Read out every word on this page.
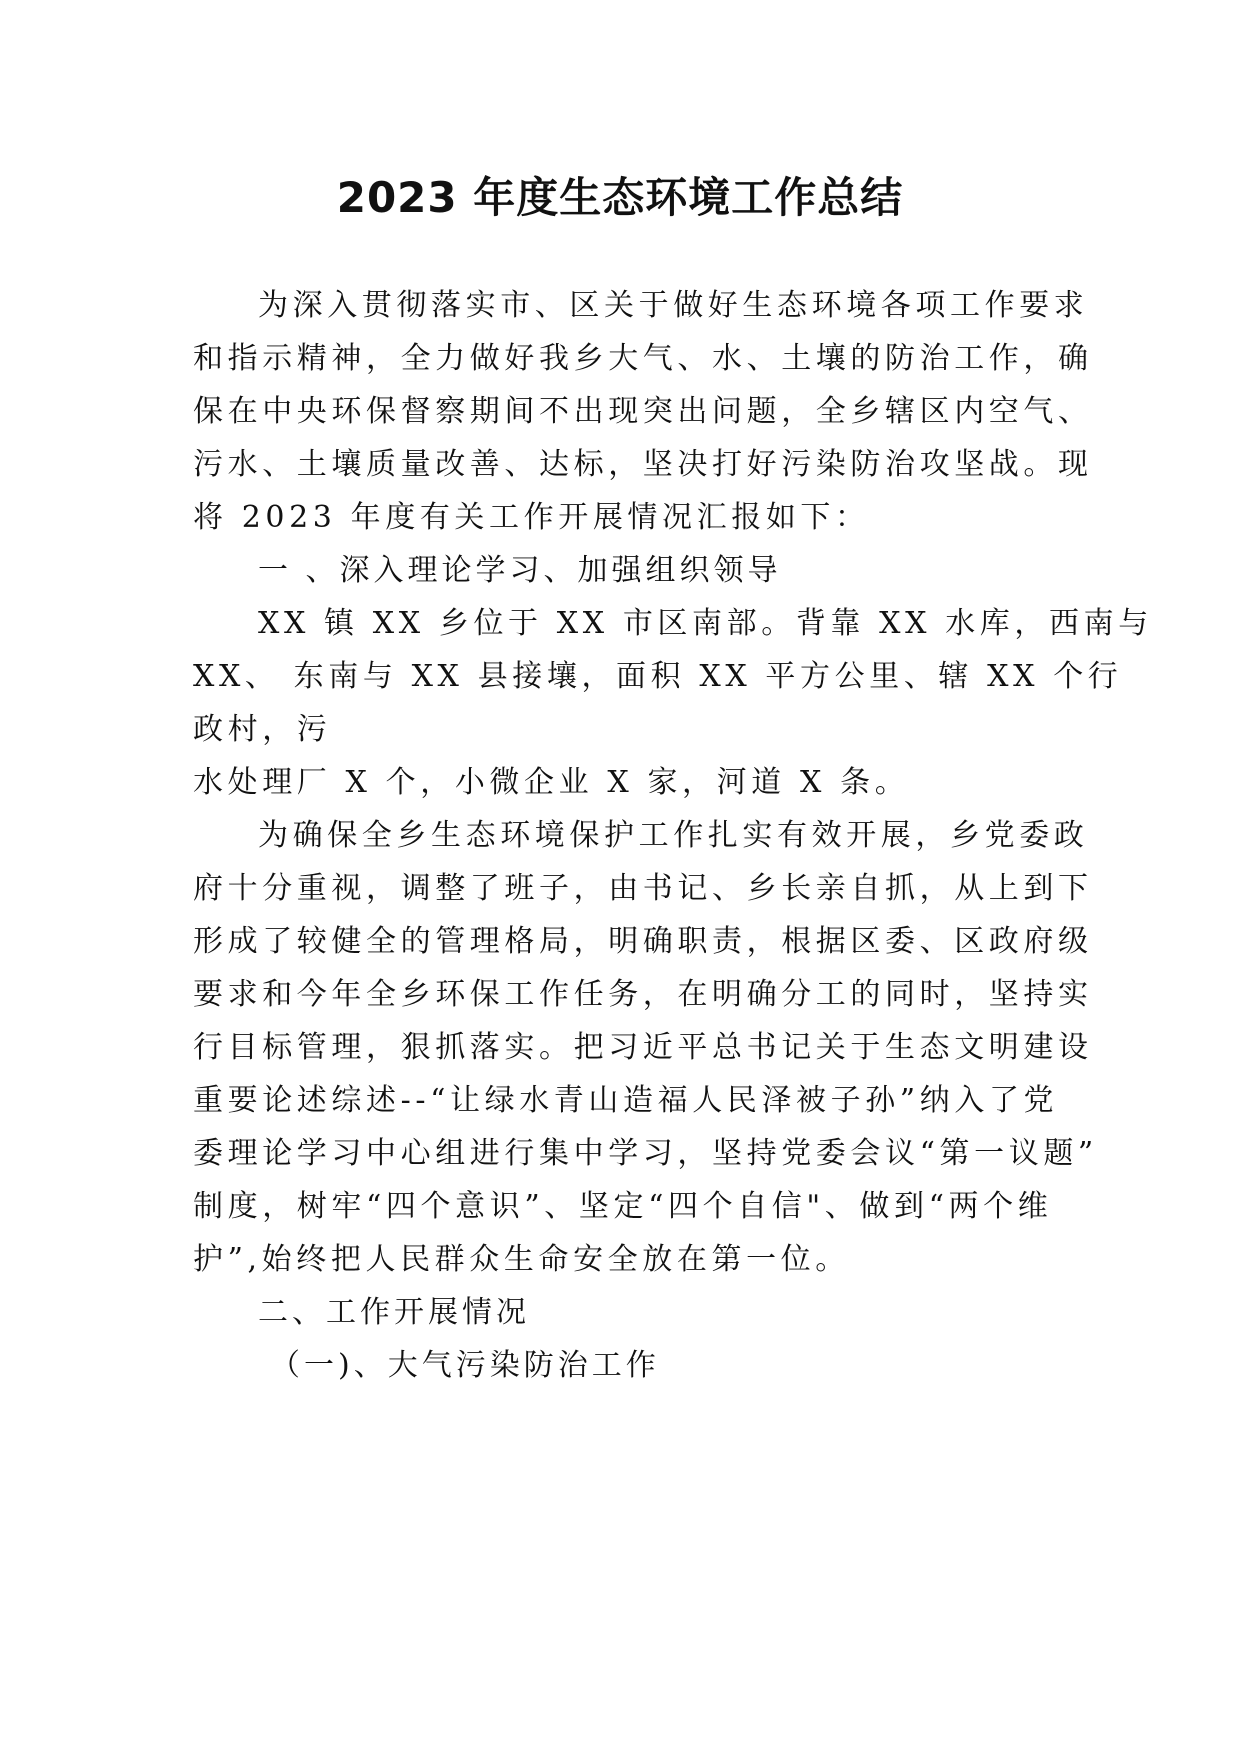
2023 年度生态环境工作总结

为深入贯彻落实市、区关于做好生态环境各项工作要求

和指示精神，全力做好我乡大气、水、土壤的防治工作，确

保在中央环保督察期间不出现突出问题，全乡辖区内空气、

污水、土壤质量改善、达标，坚决打好污染防治攻坚战。现

将 2023 年度有关工作开展情况汇报如下：

一 、深入理论学习、加强组织领导

XX 镇 XX 乡位于 XX 市区南部。背靠 XX 水库，西南与

XX、 东南与 XX 县接壤，面积 XX 平方公里、辖 XX 个行

政村，污

水处理厂 X 个，小微企业 X 家，河道 X 条。

为确保全乡生态环境保护工作扎实有效开展，乡党委政

府十分重视，调整了班子，由书记、乡长亲自抓，从上到下

形成了较健全的管理格局，明确职责，根据区委、区政府级

要求和今年全乡环保工作任务，在明确分工的同时，坚持实

行目标管理，狠抓落实。把习近平总书记关于生态文明建设

重要论述综述--“让绿水青山造福人民泽被子孙”纳入了党

委理论学习中心组进行集中学习，坚持党委会议“第一议题”

制度，树牢“四个意识”、坚定“四个自信"、做到“两个维

护”,始终把人民群众生命安全放在第一位。

二、工作开展情况

（一)、大气污染防治工作
